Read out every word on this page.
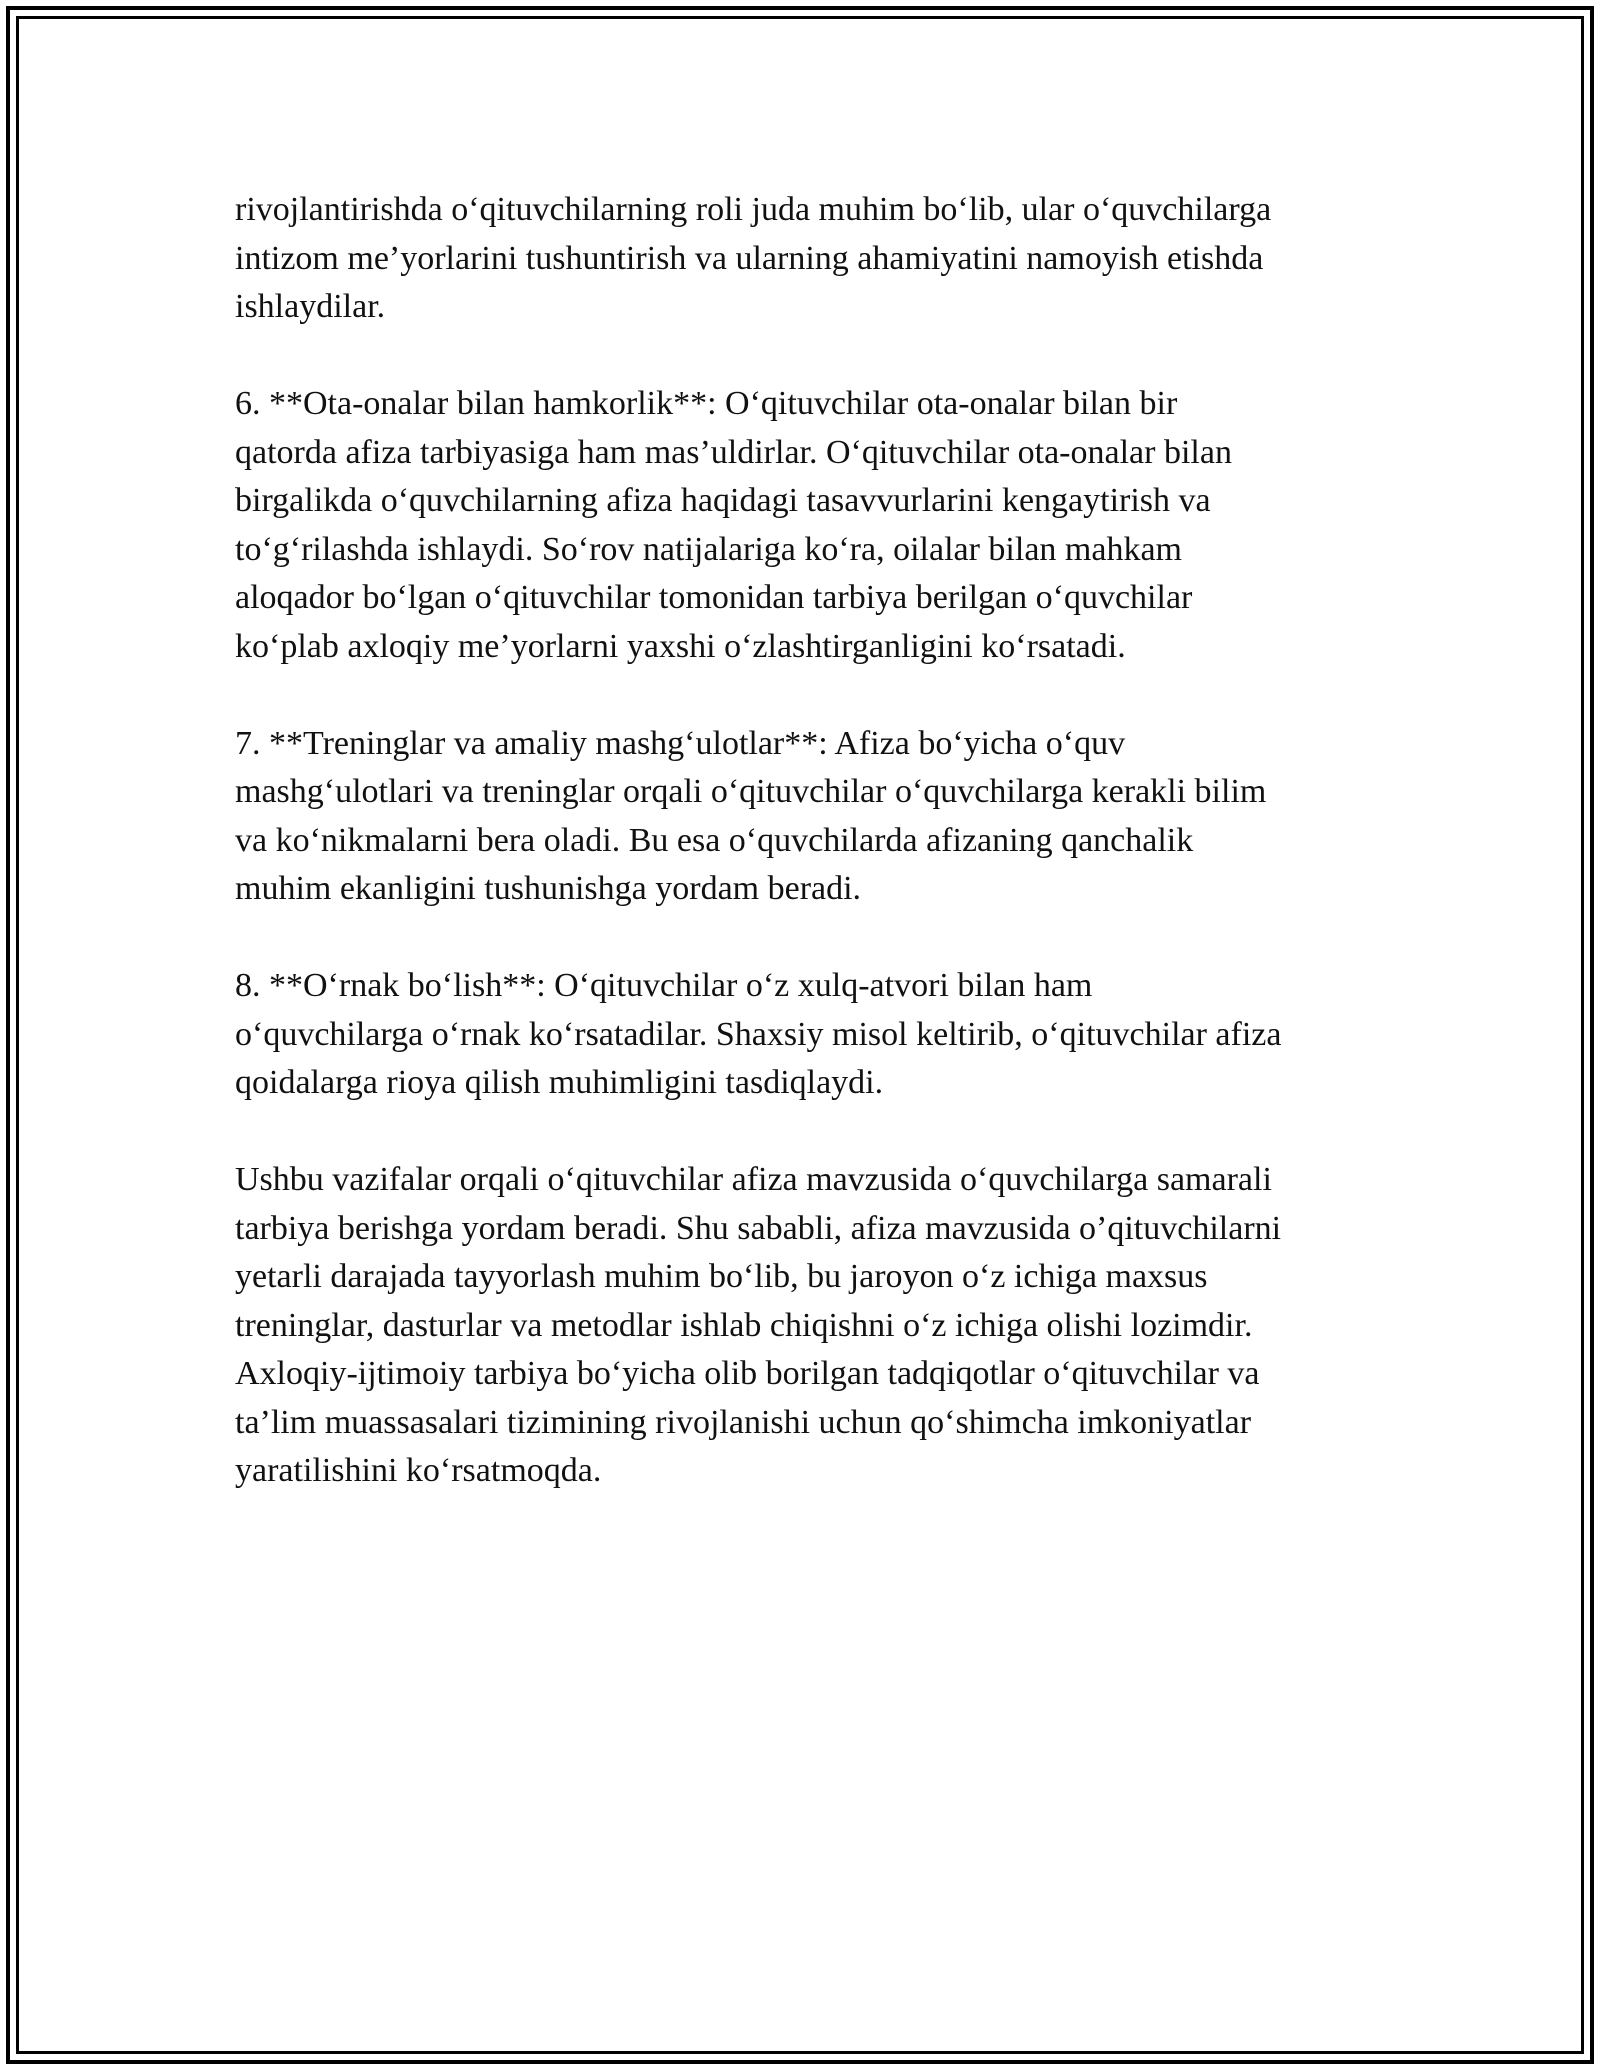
rivojlantirishda o‘qituvchilarning roli juda muhim bo‘lib, ular o‘quvchilarga
intizom me’yorlarini tushuntirish va ularning ahamiyatini namoyish etishda
ishlaydilar.

6. **Ota-onalar bilan hamkorlik**: O‘qituvchilar ota-onalar bilan bir
qatorda afiza tarbiyasiga ham mas’uldirlar. O‘qituvchilar ota-onalar bilan
birgalikda o‘quvchilarning afiza haqidagi tasavvurlarini kengaytirish va
to‘g‘rilashda ishlaydi. So‘rov natijalariga ko‘ra, oilalar bilan mahkam
aloqador bo‘lgan o‘qituvchilar tomonidan tarbiya berilgan o‘quvchilar
ko‘plab axloqiy me’yorlarni yaxshi o‘zlashtirganligini ko‘rsatadi.

7. **Treninglar va amaliy mashg‘ulotlar**: Afiza bo‘yicha o‘quv
mashg‘ulotlari va treninglar orqali o‘qituvchilar o‘quvchilarga kerakli bilim
va ko‘nikmalarni bera oladi. Bu esa o‘quvchilarda afizaning qanchalik
muhim ekanligini tushunishga yordam beradi.

8. **O‘rnak bo‘lish**: O‘qituvchilar o‘z xulq-atvori bilan ham
o‘quvchilarga o‘rnak ko‘rsatadilar. Shaxsiy misol keltirib, o‘qituvchilar afiza
qoidalarga rioya qilish muhimligini tasdiqlaydi.

Ushbu vazifalar orqali o‘qituvchilar afiza mavzusida o‘quvchilarga samarali
tarbiya berishga yordam beradi. Shu sababli, afiza mavzusida o’qituvchilarni
yetarli darajada tayyorlash muhim bo‘lib, bu jaroyon o‘z ichiga maxsus
treninglar, dasturlar va metodlar ishlab chiqishni o‘z ichiga olishi lozimdir.
Axloqiy-ijtimoiy tarbiya bo‘yicha olib borilgan tadqiqotlar o‘qituvchilar va
ta’lim muassasalari tizimining rivojlanishi uchun qo‘shimcha imkoniyatlar
yaratilishini ko‘rsatmoqda.
